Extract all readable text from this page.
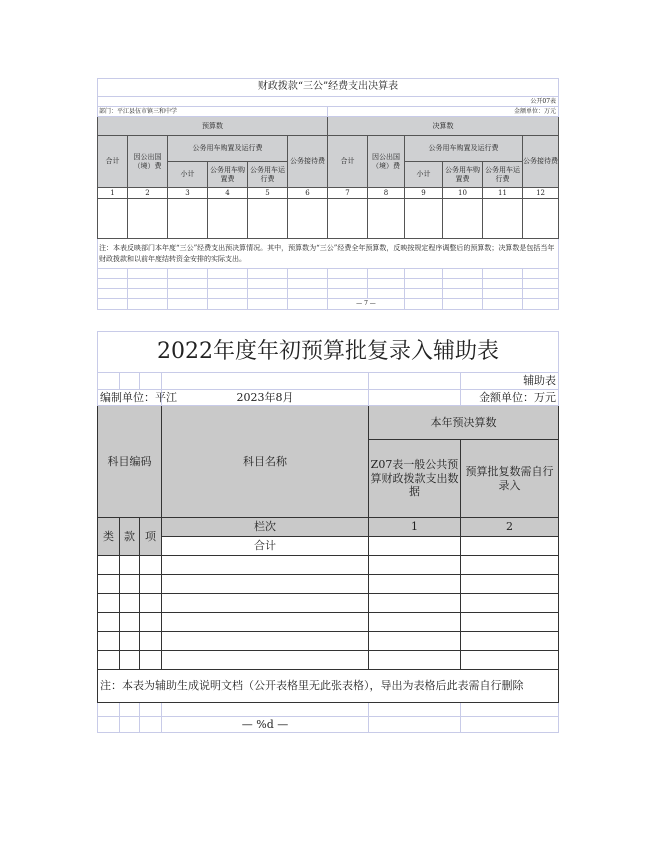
财政拨款“三公”经费支出决算表											
公开07表											
部门：平江县伍市镇三和中学						金额单位：万元					
预算数						决算数					
合计	因公出国（境）费	公务用车购置及运行费			公务接待费	合计	因公出国（境）费	公务用车购置及运行费			公务接待费
		小计	公务用车购置费	公务用车运行费				小计	公务用车购置费	公务用车运行费	
1	2	3	4	5	6	7	8	9	10	11	12

注：本表反映部门本年度“三公”经费支出预决算情况。其中，预算数为“三公”经费全年预算数，反映按规定程序调整后的预算数；决算数是包括当年财政拨款和以前年度结转资金安排的实际支出。											

						— 7 —					
2022年度年初预算批复录入辅助表					
					辅助表
编制单位：平江			2023年8月		金额单位：万元
科目编码			科目名称	本年预决算数	
				Z07表一般公共预算财政拨款支出数据	预算批复数需自行录入
类	款	项	栏次	1	2
			合计		

注：本表为辅助生成说明文档（公开表格里无此张表格），导出为表格后此表需自行删除					

			— %d —		
